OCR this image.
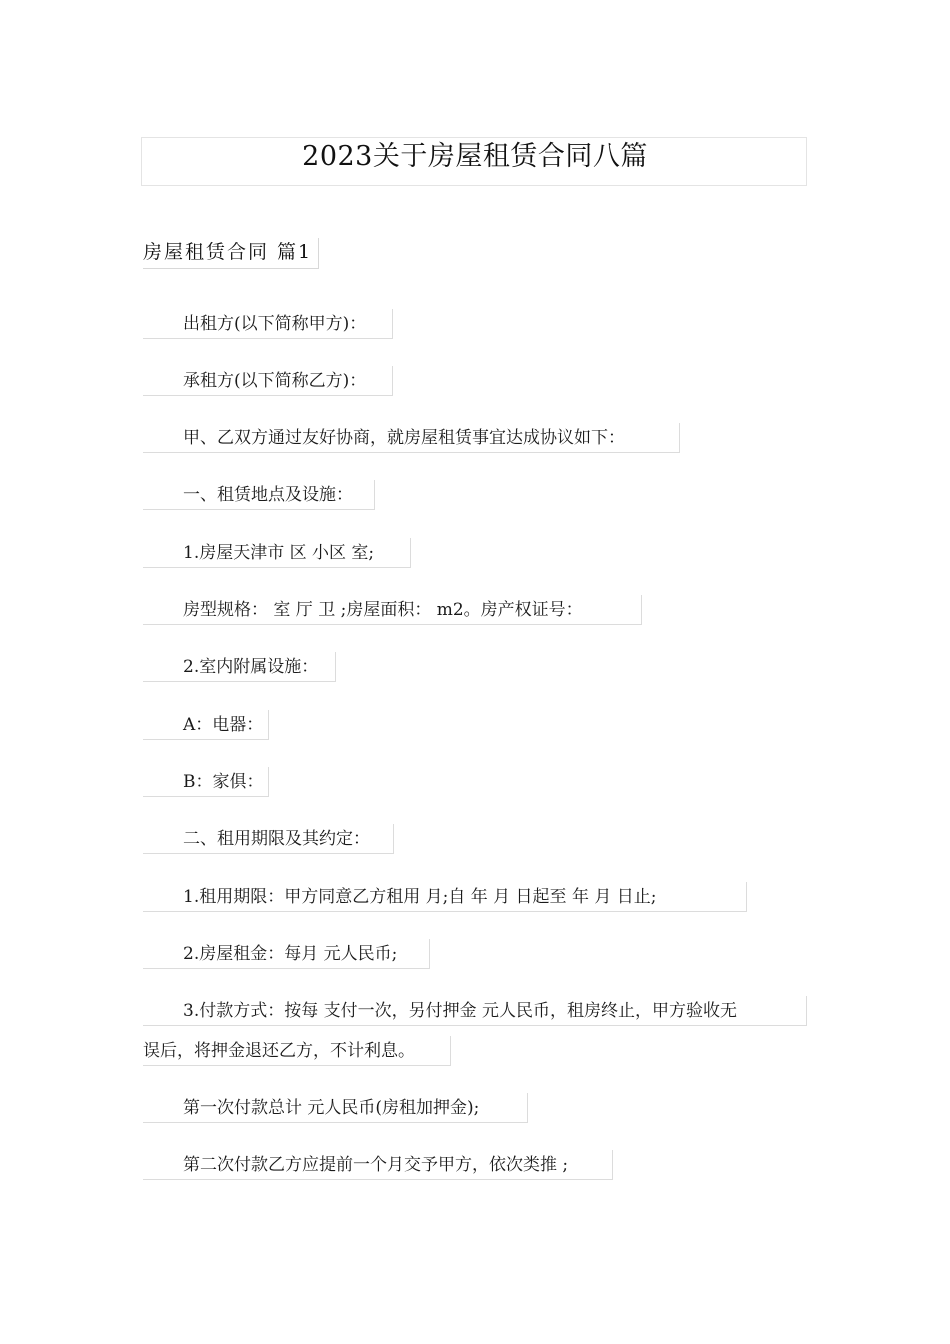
2023关于房屋租赁合同八篇
房屋租赁合同 篇1
出租方(以下简称甲方)：
承租方(以下简称乙方)：
甲、乙双方通过友好协商，就房屋租赁事宜达成协议如下：
一、租赁地点及设施：
1.房屋天津市 区 小区 室;
房型规格： 室 厅 卫 ;房屋面积： m2。房产权证号：
2.室内附属设施：
A：电器：
B：家俱：
二、租用期限及其约定：
1.租用期限：甲方同意乙方租用 月;自 年 月 日起至 年 月 日止;
2.房屋租金：每月 元人民币;
3.付款方式：按每 支付一次，另付押金 元人民币，租房终止，甲方验收无
误后，将押金退还乙方，不计利息。
第一次付款总计 元人民币(房租加押金);
第二次付款乙方应提前一个月交予甲方，依次类推 ;
